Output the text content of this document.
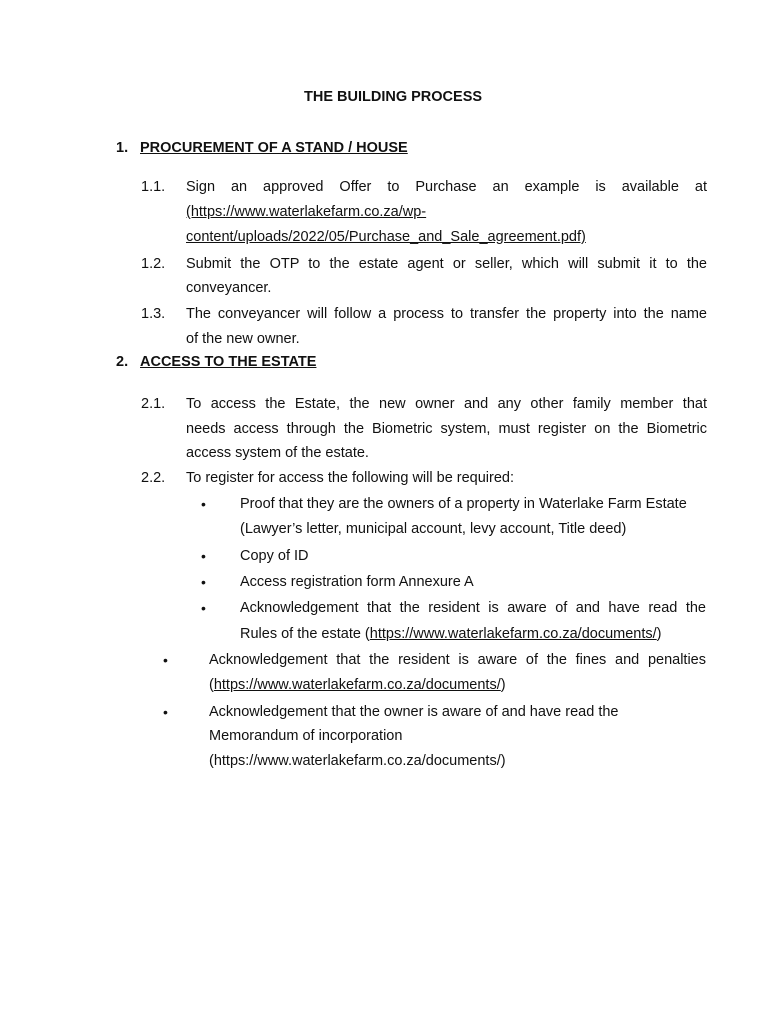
THE BUILDING PROCESS
1. PROCUREMENT OF A STAND / HOUSE
1.1. Sign an approved Offer to Purchase an example is available at
(https://www.waterlakefarm.co.za/wp-
content/uploads/2022/05/Purchase_and_Sale_agreement.pdf)
1.2. Submit the OTP to the estate agent or seller, which will submit it to the
conveyancer.
1.3. The conveyancer will follow a process to transfer the property into the name
of the new owner.
2. ACCESS TO THE ESTATE
2.1. To access the Estate, the new owner and any other family member that
needs access through the Biometric system, must register on the Biometric
access system of the estate.
2.2. To register for access the following will be required:
• Proof that they are the owners of a property in Waterlake Farm Estate
(Lawyer’s letter, municipal account, levy account, Title deed)
• Copy of ID
• Access registration form Annexure A
• Acknowledgement that the resident is aware of and have read the
Rules of the estate (https://www.waterlakefarm.co.za/documents/)
•	Acknowledgement that the resident is aware of the fines and penalties
(https://www.waterlakefarm.co.za/documents/)
•	Acknowledgement that the owner is aware of and have read the
Memorandum of incorporation
(https://www.waterlakefarm.co.za/documents/)
